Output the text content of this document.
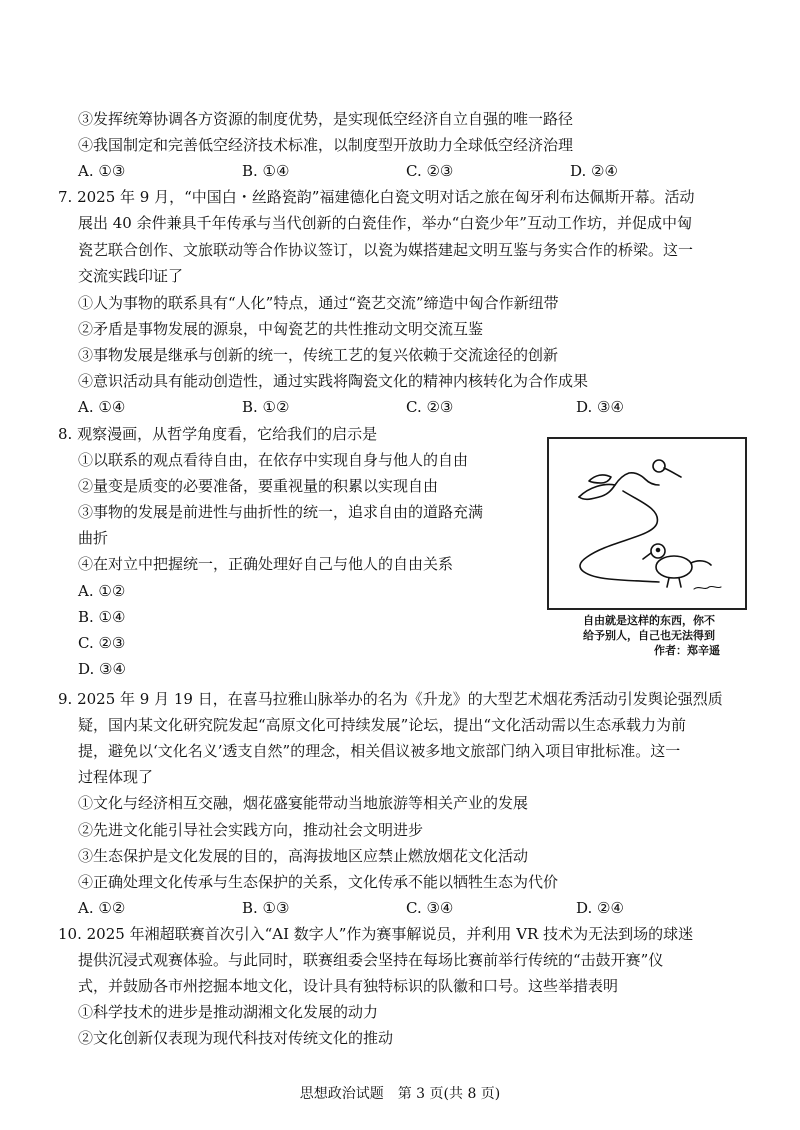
③发挥统筹协调各方资源的制度优势，是实现低空经济自立自强的唯一路径
④我国制定和完善低空经济技术标准，以制度型开放助力全球低空经济治理
A. ①③	B. ①④	C. ②③	D. ②④
7. 2025 年 9 月，“中国白・丝路瓷韵”福建德化白瓷文明对话之旅在匈牙利布达佩斯开幕。活动
展出 40 余件兼具千年传承与当代创新的白瓷佳作，举办“白瓷少年”互动工作坊，并促成中匈
瓷艺联合创作、文旅联动等合作协议签订，以瓷为媒搭建起文明互鉴与务实合作的桥梁。这一
交流实践印证了
①人为事物的联系具有“人化”特点，通过“瓷艺交流”缔造中匈合作新纽带
②矛盾是事物发展的源泉，中匈瓷艺的共性推动文明交流互鉴
③事物发展是继承与创新的统一，传统工艺的复兴依赖于交流途径的创新
④意识活动具有能动创造性，通过实践将陶瓷文化的精神内核转化为合作成果
A. ①④	B. ①②	C. ②③	D. ③④
8. 观察漫画，从哲学角度看，它给我们的启示是
①以联系的观点看待自由，在依存中实现自身与他人的自由
②量变是质变的必要准备，要重视量的积累以实现自由
③事物的发展是前进性与曲折性的统一，追求自由的道路充满
曲折
④在对立中把握统一，正确处理好自己与他人的自由关系
A. ①②
B. ①④
C. ②③
D. ③④
自由就是这样的东西，你不
给予别人，自己也无法得到
作者：郑辛遥
9. 2025 年 9 月 19 日，在喜马拉雅山脉举办的名为《升龙》的大型艺术烟花秀活动引发舆论强烈质
疑，国内某文化研究院发起“高原文化可持续发展”论坛，提出“文化活动需以生态承载力为前
提，避免以‘文化名义’透支自然”的理念，相关倡议被多地文旅部门纳入项目审批标准。这一
过程体现了
①文化与经济相互交融，烟花盛宴能带动当地旅游等相关产业的发展
②先进文化能引导社会实践方向，推动社会文明进步
③生态保护是文化发展的目的，高海拔地区应禁止燃放烟花文化活动
④正确处理文化传承与生态保护的关系，文化传承不能以牺牲生态为代价
A. ①②	B. ①③	C. ③④	D. ②④
10. 2025 年湘超联赛首次引入“AI 数字人”作为赛事解说员，并利用 VR 技术为无法到场的球迷
提供沉浸式观赛体验。与此同时，联赛组委会坚持在每场比赛前举行传统的“击鼓开赛”仪
式，并鼓励各市州挖掘本地文化，设计具有独特标识的队徽和口号。这些举措表明
①科学技术的进步是推动湖湘文化发展的动力
②文化创新仅表现为现代科技对传统文化的推动
思想政治试题　第 3 页(共 8 页)
